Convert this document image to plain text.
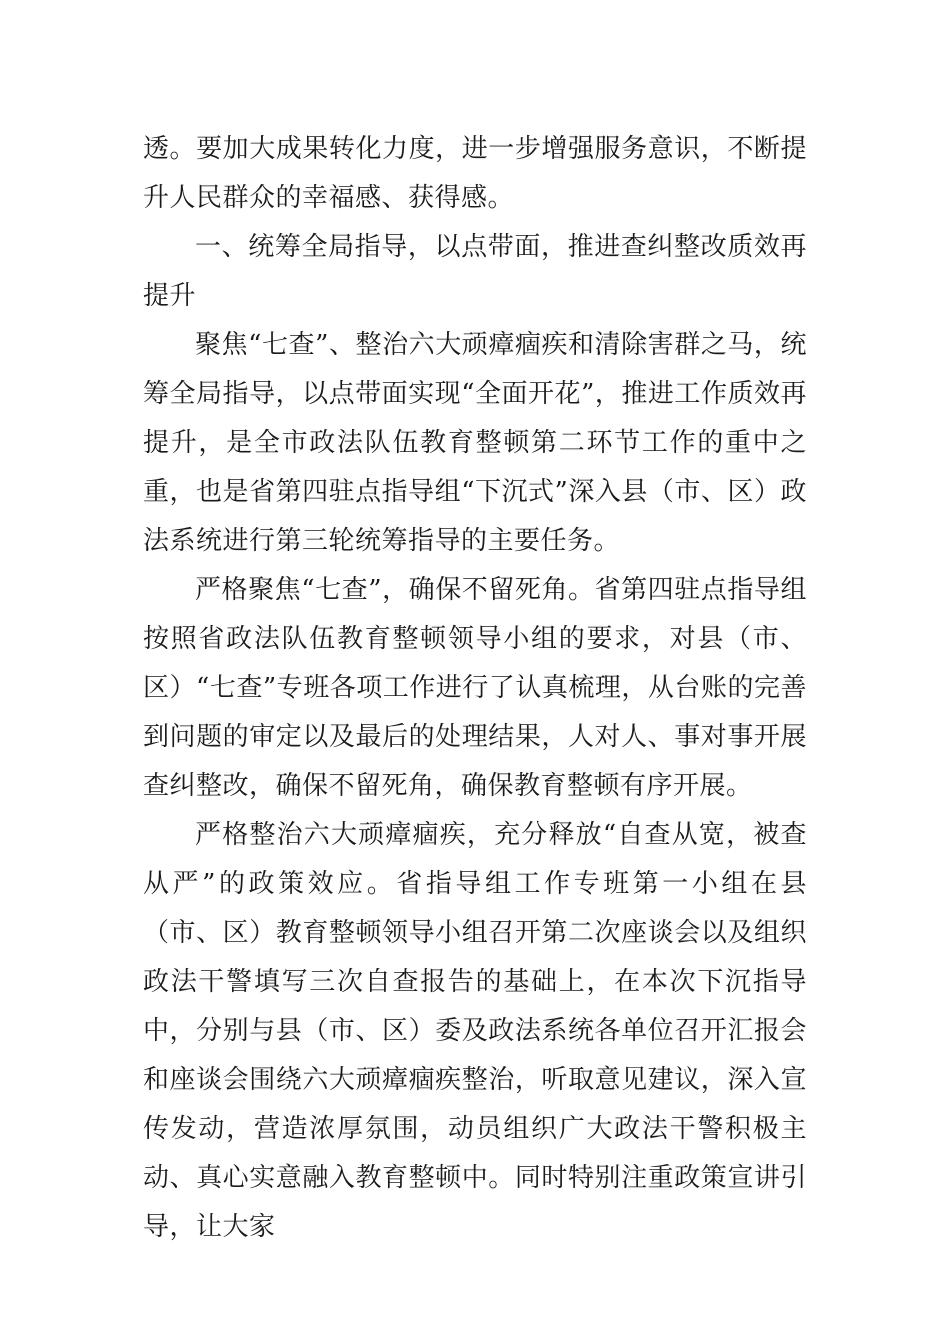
透。要加大成果转化力度，进一步增强服务意识，不断提升人民群众的幸福感、获得感。

一、统筹全局指导，以点带面，推进查纠整改质效再提升

聚焦“七查”、整治六大顽瘴痼疾和清除害群之马，统筹全局指导，以点带面实现“全面开花”，推进工作质效再提升，是全市政法队伍教育整顿第二环节工作的重中之重，也是省第四驻点指导组“下沉式”深入县（市、区）政法系统进行第三轮统筹指导的主要任务。

严格聚焦“七查”，确保不留死角。省第四驻点指导组按照省政法队伍教育整顿领导小组的要求，对县（市、区）“七查”专班各项工作进行了认真梳理，从台账的完善到问题的审定以及最后的处理结果，人对人、事对事开展查纠整改，确保不留死角，确保教育整顿有序开展。

严格整治六大顽瘴痼疾，充分释放“自查从宽，被查从严”的政策效应。省指导组工作专班第一小组在县（市、区）教育整顿领导小组召开第二次座谈会以及组织政法干警填写三次自查报告的基础上，在本次下沉指导中，分别与县（市、区）委及政法系统各单位召开汇报会和座谈会围绕六大顽瘴痼疾整治，听取意见建议，深入宣传发动，营造浓厚氛围，动员组织广大政法干警积极主动、真心实意融入教育整顿中。同时特别注重政策宣讲引导，让大家
